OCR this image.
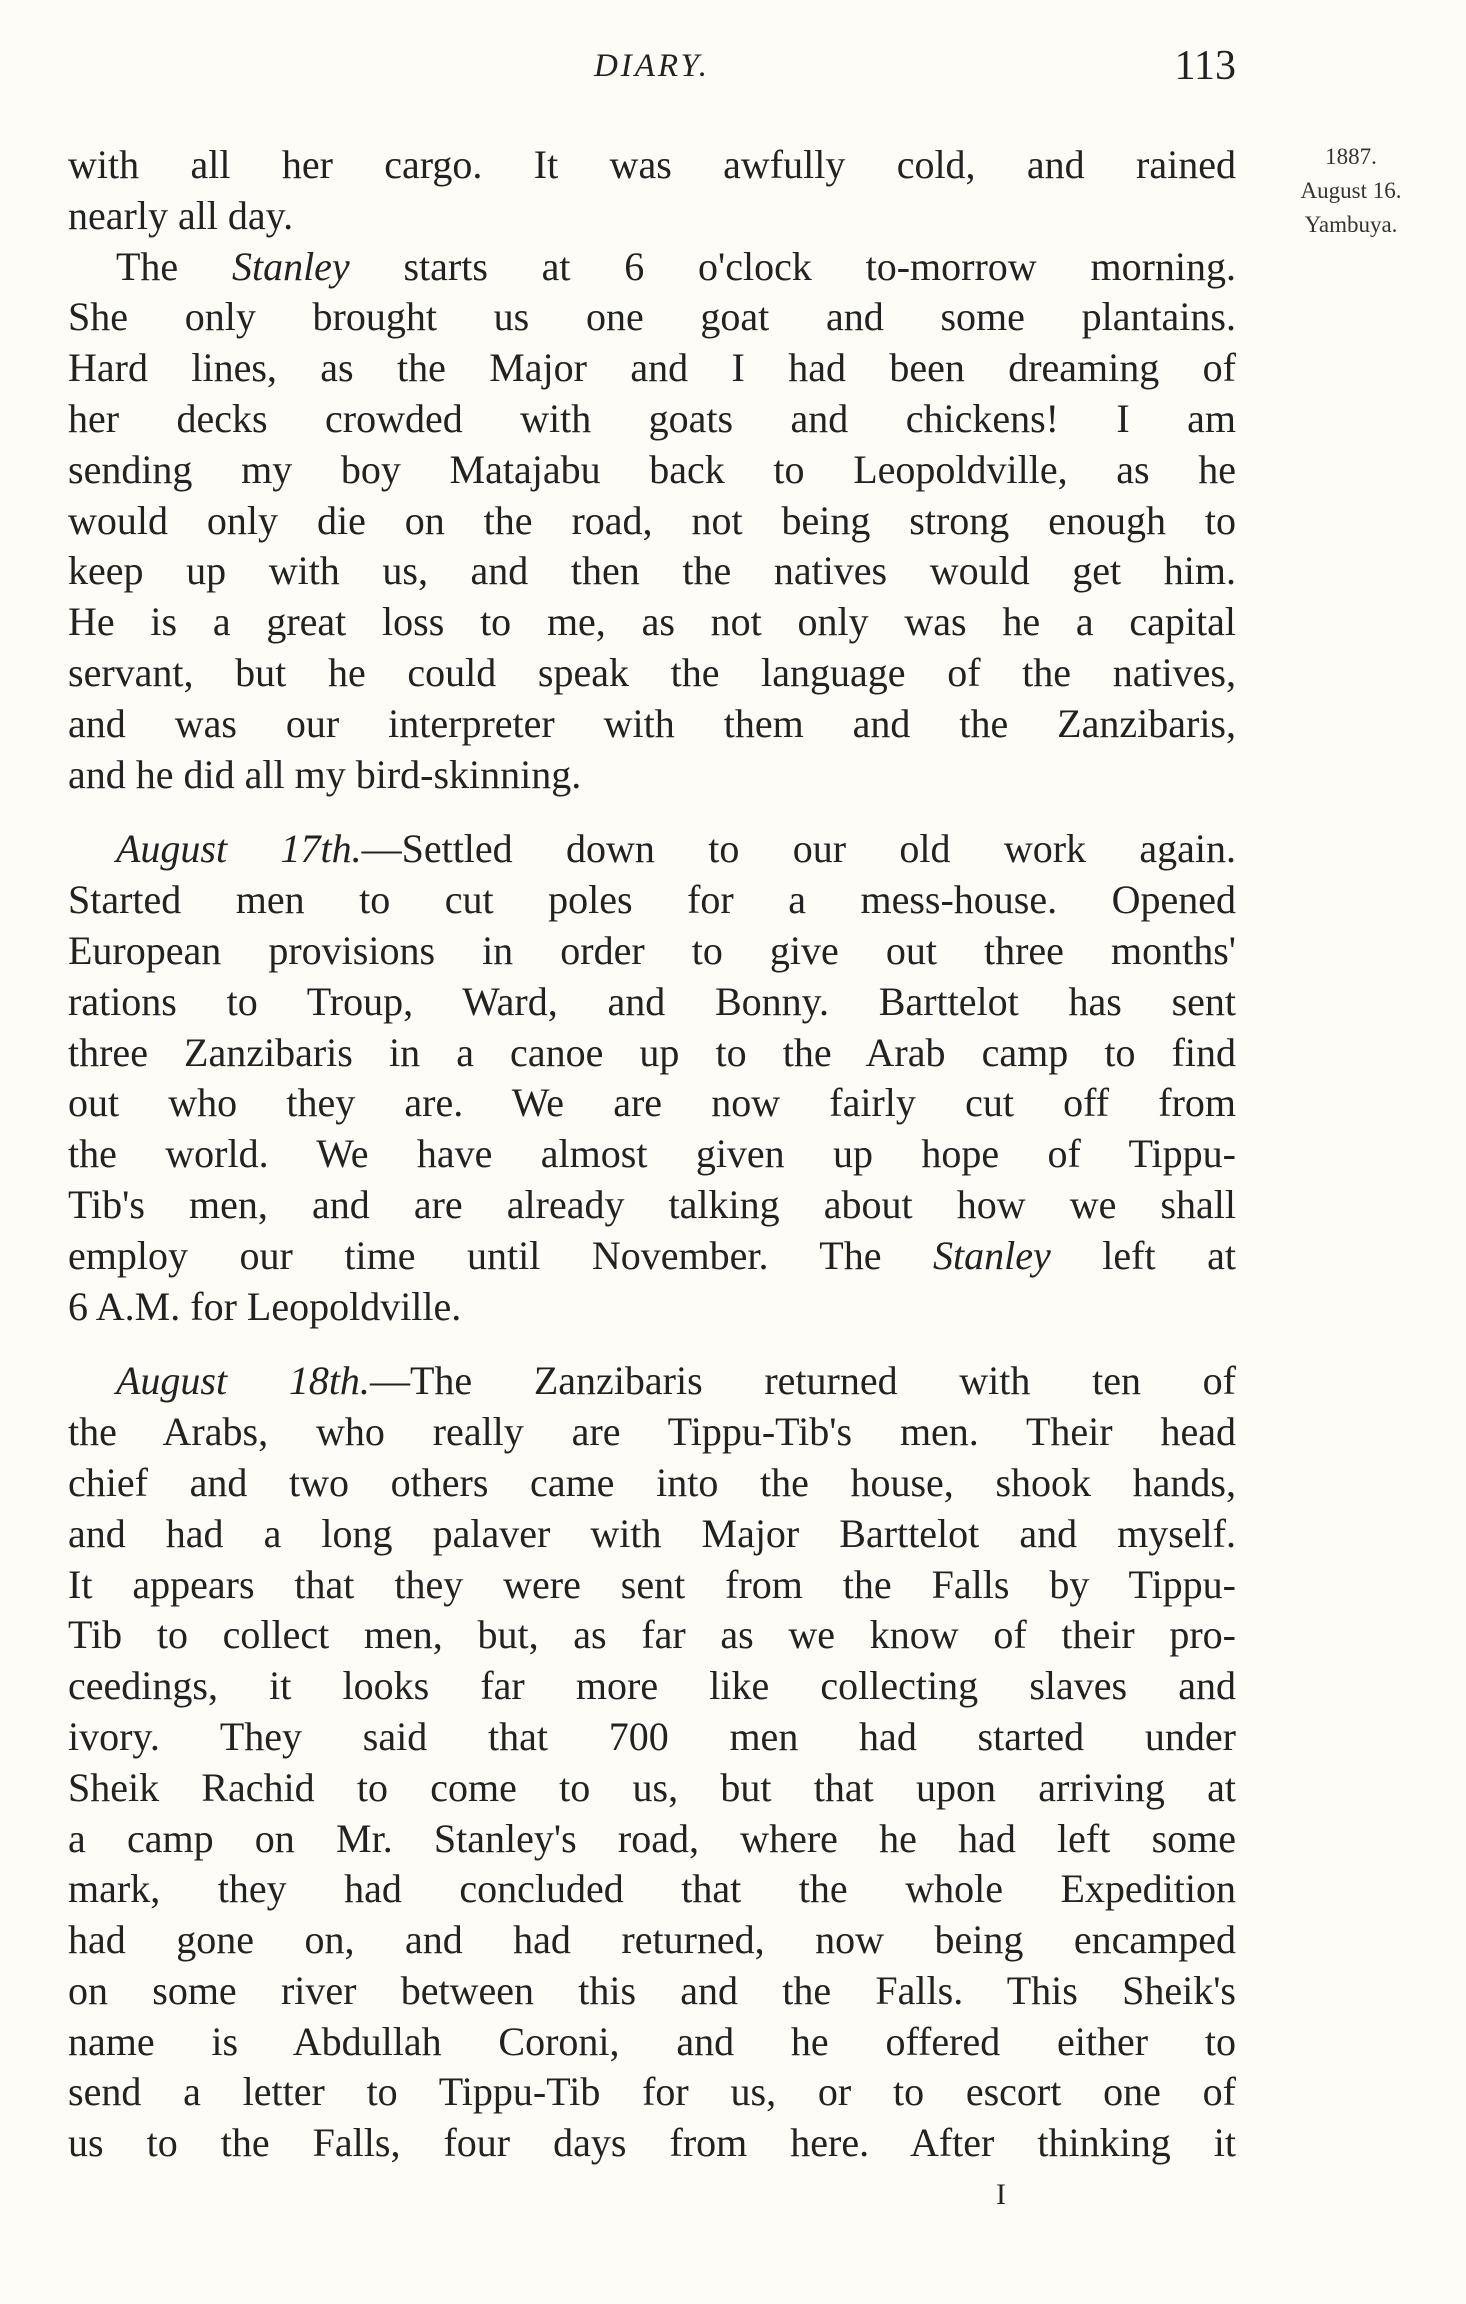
DIARY.	113
1887.
August 16.
Yambuya.
with all her cargo. It was awfully cold, and rained
nearly all day.
The Stanley starts at 6 o'clock to-morrow morning.
She only brought us one goat and some plantains.
Hard lines, as the Major and I had been dreaming of
her decks crowded with goats and chickens! I am
sending my boy Matajabu back to Leopoldville, as he
would only die on the road, not being strong enough to
keep up with us, and then the natives would get him.
He is a great loss to me, as not only was he a capital
servant, but he could speak the language of the natives,
and was our interpreter with them and the Zanzibaris,
and he did all my bird-skinning.
August 17th.—Settled down to our old work again.
Started men to cut poles for a mess-house. Opened
European provisions in order to give out three months'
rations to Troup, Ward, and Bonny. Barttelot has sent
three Zanzibaris in a canoe up to the Arab camp to find
out who they are. We are now fairly cut off from
the world. We have almost given up hope of Tippu-
Tib's men, and are already talking about how we shall
employ our time until November. The Stanley left at
6 A.M. for Leopoldville.
August 18th.—The Zanzibaris returned with ten of
the Arabs, who really are Tippu-Tib's men. Their head
chief and two others came into the house, shook hands,
and had a long palaver with Major Barttelot and myself.
It appears that they were sent from the Falls by Tippu-
Tib to collect men, but, as far as we know of their pro-
ceedings, it looks far more like collecting slaves and
ivory. They said that 700 men had started under
Sheik Rachid to come to us, but that upon arriving at
a camp on Mr. Stanley's road, where he had left some
mark, they had concluded that the whole Expedition
had gone on, and had returned, now being encamped
on some river between this and the Falls. This Sheik's
name is Abdullah Coroni, and he offered either to
send a letter to Tippu-Tib for us, or to escort one of
us to the Falls, four days from here. After thinking it
I
